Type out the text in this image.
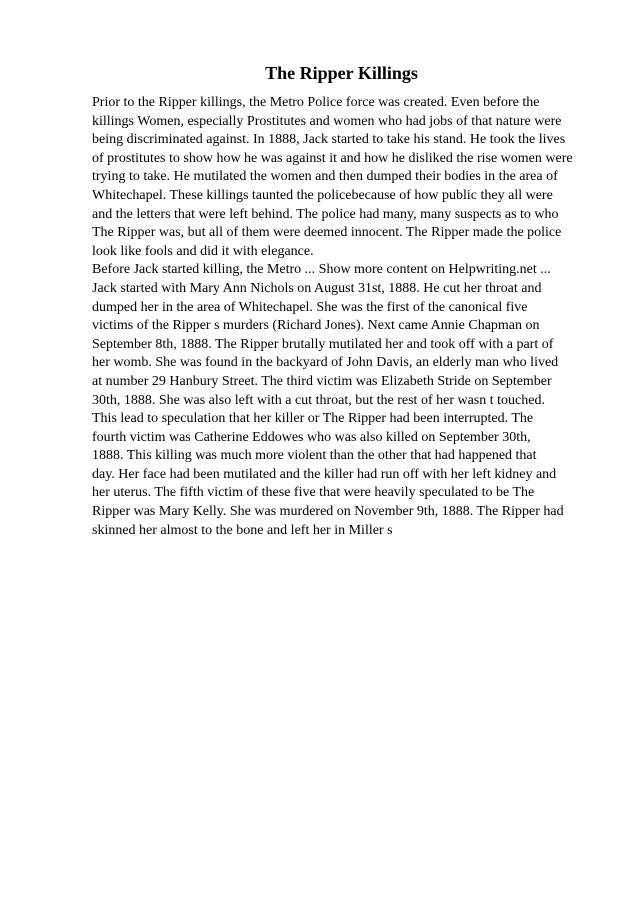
The Ripper Killings
Prior to the Ripper killings, the Metro Police force was created. Even before the
killings Women, especially Prostitutes and women who had jobs of that nature were
being discriminated against. In 1888, Jack started to take his stand. He took the lives
of prostitutes to show how he was against it and how he disliked the rise women were
trying to take. He mutilated the women and then dumped their bodies in the area of
Whitechapel. These killings taunted the policebecause of how public they all were
and the letters that were left behind. The police had many, many suspects as to who
The Ripper was, but all of them were deemed innocent. The Ripper made the police
look like fools and did it with elegance.
Before Jack started killing, the Metro ... Show more content on Helpwriting.net ...
Jack started with Mary Ann Nichols on August 31st, 1888. He cut her throat and
dumped her in the area of Whitechapel. She was the first of the canonical five
victims of the Ripper s murders (Richard Jones). Next came Annie Chapman on
September 8th, 1888. The Ripper brutally mutilated her and took off with a part of
her womb. She was found in the backyard of John Davis, an elderly man who lived
at number 29 Hanbury Street. The third victim was Elizabeth Stride on September
30th, 1888. She was also left with a cut throat, but the rest of her wasn t touched.
This lead to speculation that her killer or The Ripper had been interrupted. The
fourth victim was Catherine Eddowes who was also killed on September 30th,
1888. This killing was much more violent than the other that had happened that
day. Her face had been mutilated and the killer had run off with her left kidney and
her uterus. The fifth victim of these five that were heavily speculated to be The
Ripper was Mary Kelly. She was murdered on November 9th, 1888. The Ripper had
skinned her almost to the bone and left her in Miller s
